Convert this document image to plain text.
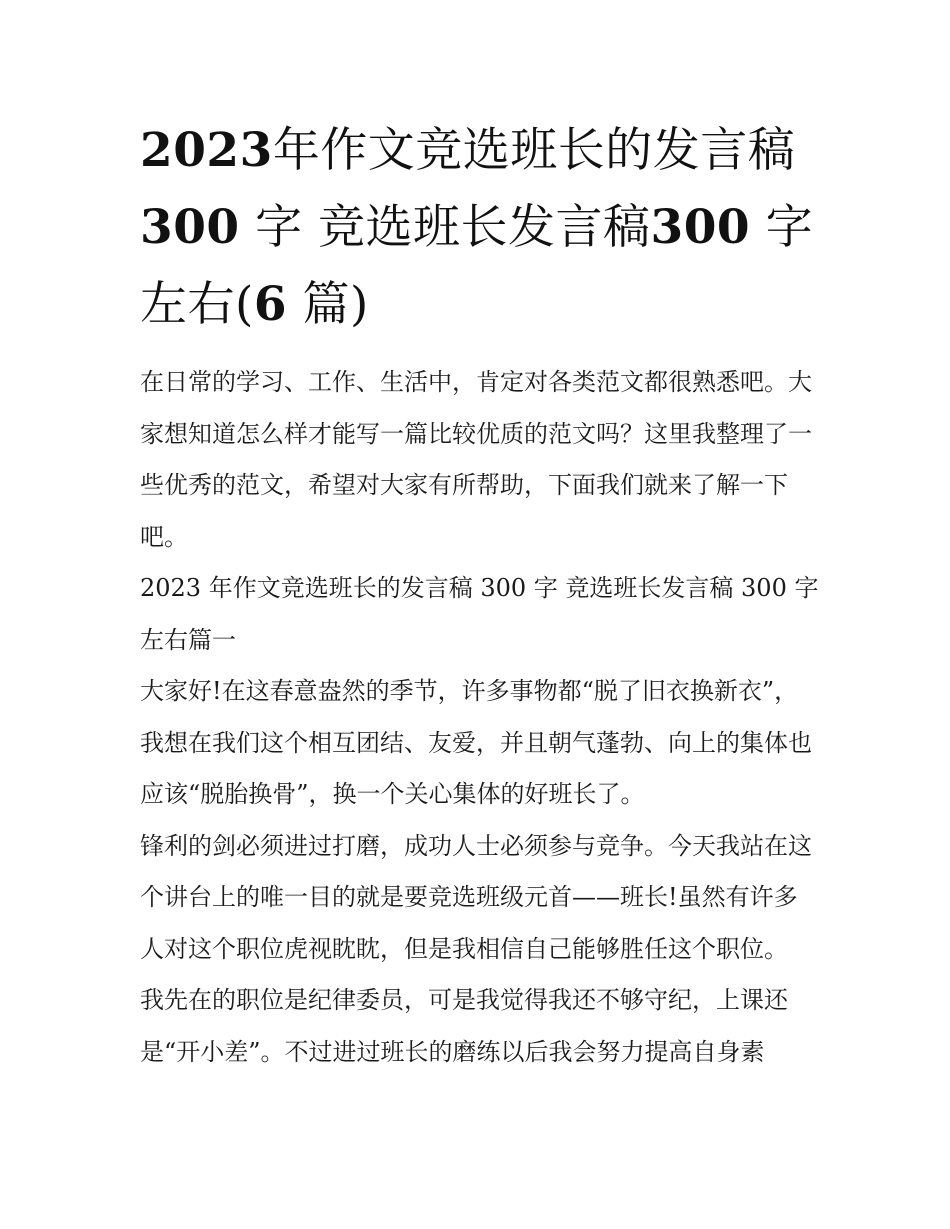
2023年作文竞选班长的发言稿300 字 竞选班长发言稿300 字
左右(6 篇)

在日常的学习、工作、生活中，肯定对各类范文都很熟悉吧。大家想知道怎么样才能写一篇比较优质的范文吗？这里我整理了一些优秀的范文，希望对大家有所帮助，下面我们就来了解一下吧。

2023 年作文竞选班长的发言稿 300 字 竞选班长发言稿 300 字左右篇一

大家好!在这春意盎然的季节，许多事物都“脱了旧衣换新衣”，我想在我们这个相互团结、友爱，并且朝气蓬勃、向上的集体也应该“脱胎换骨”，换一个关心集体的好班长了。

锋利的剑必须进过打磨，成功人士必须参与竞争。今天我站在这个讲台上的唯一目的就是要竞选班级元首——班长!虽然有许多人对这个职位虎视眈眈，但是我相信自己能够胜任这个职位。

我先在的职位是纪律委员，可是我觉得我还不够守纪，上课还是“开小差”。不过进过班长的磨练以后我会努力提高自身素
